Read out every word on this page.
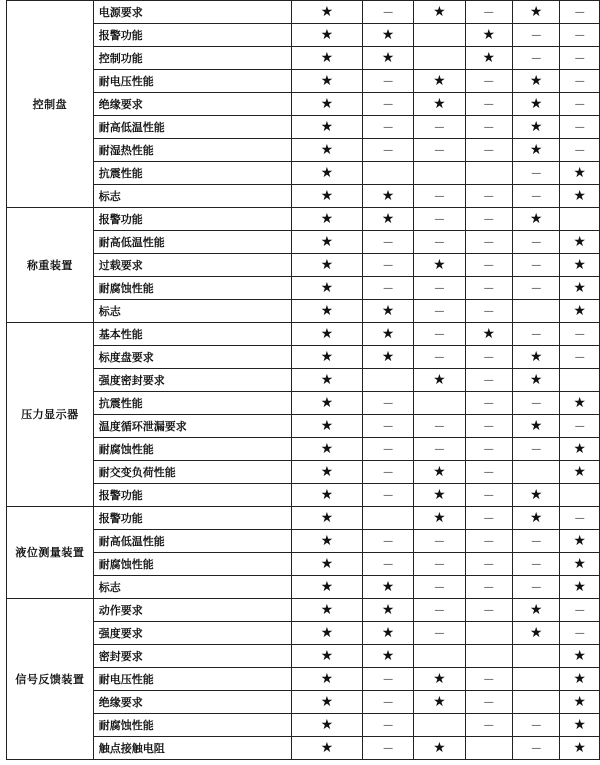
控制盘	电源要求	★	—	★	—	★	—
	报警功能	★	★		★	—	—
	控制功能	★	★		★	—	—
	耐电压性能	★	—	★	—	★	—
	绝缘要求	★	—	★	—	★	—
	耐高低温性能	★	—	—	—	★	—
	耐湿热性能	★	—	—	—	★	—
	抗震性能	★				—	★
	标志	★	★	—	—	—	★
称重装置	报警功能	★	★	—	—	★	
	耐高低温性能	★	—	—	—	—	★
	过载要求	★	—	★	—	—	★
	耐腐蚀性能	★	—	—	—	—	★
	标志	★	★	—	—		★
压力显示器	基本性能	★	★	—	★	—	—
	标度盘要求	★	★	—	—	★	—
	强度密封要求	★		★	—	★	
	抗震性能	★	—		—	—	★
	温度循环泄漏要求	★	—	—	—	★	—
	耐腐蚀性能	★	—	—	—	—	★
	耐交变负荷性能	★	—	★	—		★
	报警功能	★	—	★	—	★	
液位测量装置	报警功能	★		★	—	★	—
	耐高低温性能	★	—	—	—	—	★
	耐腐蚀性能	★	—	—	—	—	★
	标志	★	★	—	—	—	★
信号反馈装置	动作要求	★	★	—	—	★	—
	强度要求	★	★	—		★	—
	密封要求	★	★				★
	耐电压性能	★	—	★	—		★
	绝缘要求	★	—	★	—		★
	耐腐蚀性能	★	—		—	—	★
	触点接触电阻	★	—	★		—	★
